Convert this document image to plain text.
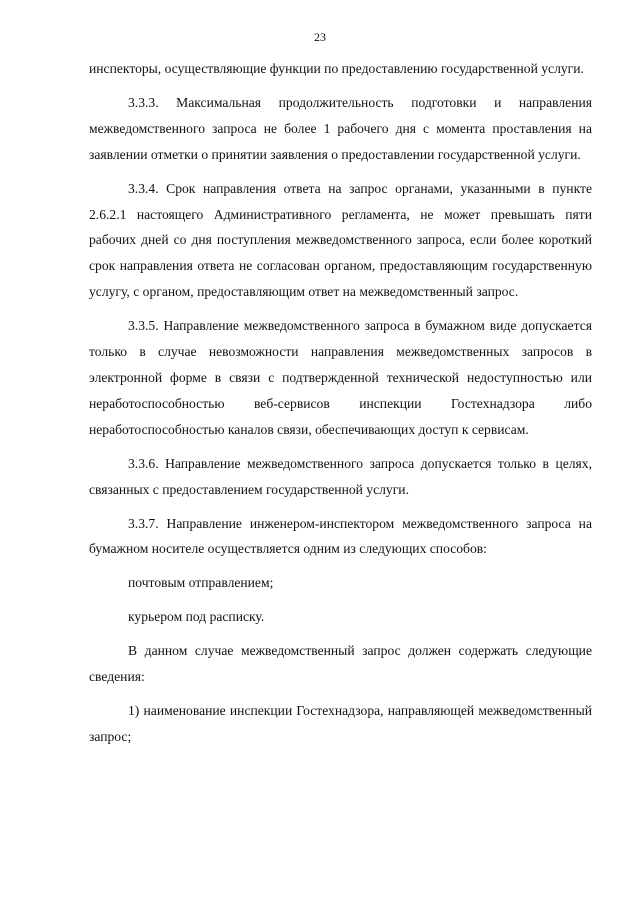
23

инспекторы, осуществляющие функции по предоставлению государственной услуги.

3.3.3. Максимальная продолжительность подготовки и направления межведомственного запроса не более 1 рабочего дня с момента проставления на заявлении отметки о принятии заявления о предоставлении государственной услуги.

3.3.4. Срок направления ответа на запрос органами, указанными в пункте 2.6.2.1 настоящего Административного регламента, не может превышать пяти рабочих дней со дня поступления межведомственного запроса, если более короткий срок направления ответа не согласован органом, предоставляющим государственную услугу, с органом, предоставляющим ответ на межведомственный запрос.

3.3.5. Направление межведомственного запроса в бумажном виде допускается только в случае невозможности направления межведомственных запросов в электронной форме в связи с подтвержденной технической недоступностью или неработоспособностью веб-сервисов инспекции Гостехнадзора либо неработоспособностью каналов связи, обеспечивающих доступ к сервисам.

3.3.6. Направление межведомственного запроса допускается только в целях, связанных с предоставлением государственной услуги.

3.3.7. Направление инженером-инспектором межведомственного запроса на бумажном носителе осуществляется одним из следующих способов:

почтовым отправлением;

курьером под расписку.

В данном случае межведомственный запрос должен содержать следующие сведения:

1) наименование инспекции Гостехнадзора, направляющей межведомственный запрос;
